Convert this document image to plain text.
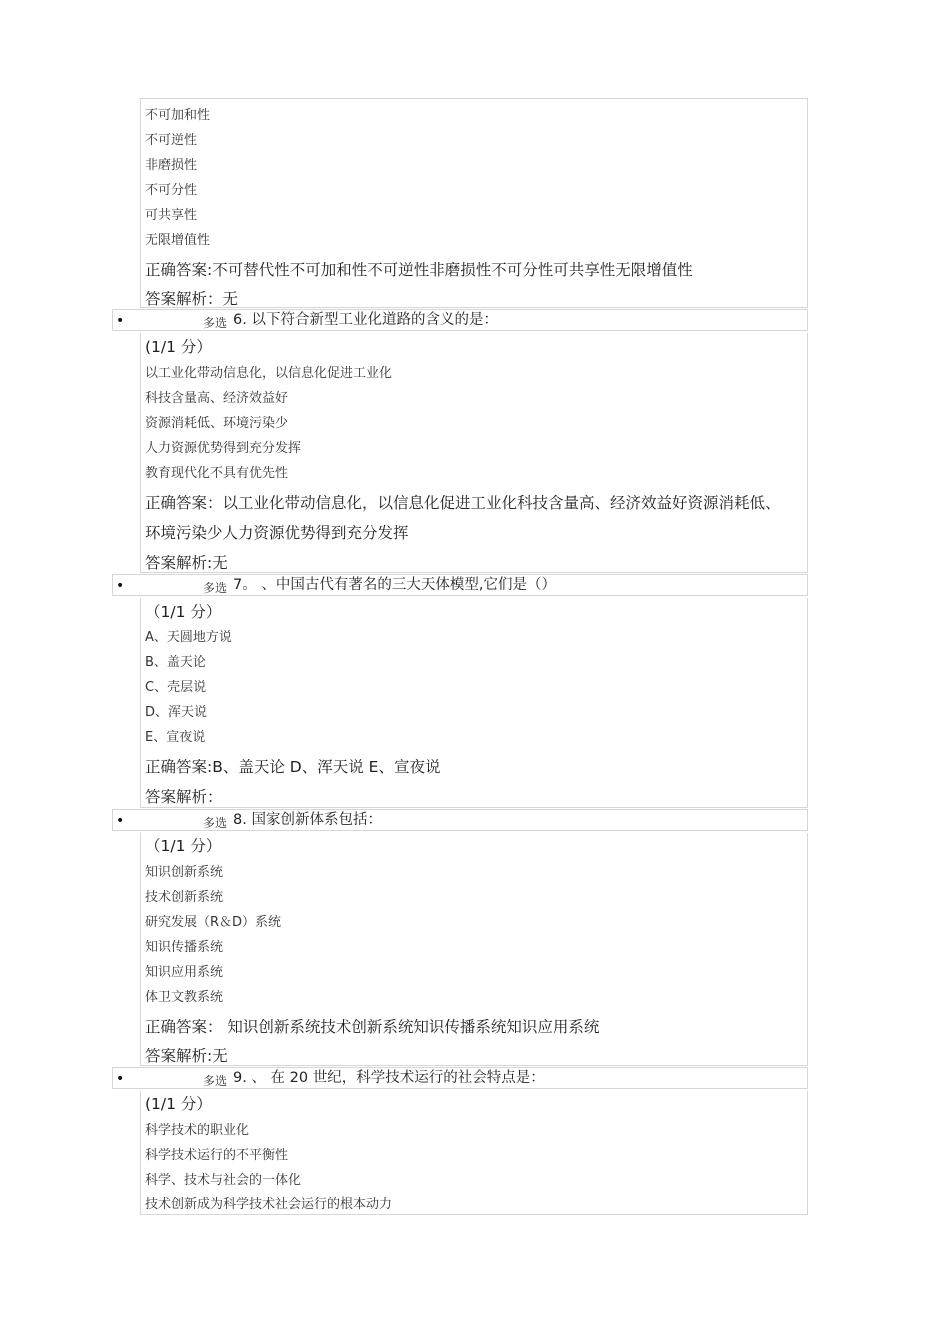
不可加和性
不可逆性
非磨损性
不可分性
可共享性
无限增值性
正确答案:不可替代性不可加和性不可逆性非磨损性不可分性可共享性无限增值性
答案解析：无
•	多选 6. 以下符合新型工业化道路的含义的是：
(1/1 分）
以工业化带动信息化，以信息化促进工业化
科技含量高、经济效益好
资源消耗低、环境污染少
人力资源优势得到充分发挥
教育现代化不具有优先性
正确答案：以工业化带动信息化，以信息化促进工业化科技含量高、经济效益好资源消耗低、
环境污染少人力资源优势得到充分发挥
答案解析:无
•	多选 7。 、中国古代有著名的三大天体模型,它们是（）
（1/1 分）
A、天圆地方说
B、盖天论
C、壳层说
D、浑天说
E、宣夜说
正确答案:B、盖天论 D、浑天说 E、宣夜说
答案解析：
•	多选 8. 国家创新体系包括：
（1/1 分）
知识创新系统
技术创新系统
研究发展（R＆D）系统
知识传播系统
知识应用系统
体卫文教系统
正确答案： 知识创新系统技术创新系统知识传播系统知识应用系统
答案解析:无
•	多选 9. 、 在 20 世纪，科学技术运行的社会特点是：
(1/1 分）
科学技术的职业化
科学技术运行的不平衡性
科学、技术与社会的一体化
技术创新成为科学技术社会运行的根本动力
